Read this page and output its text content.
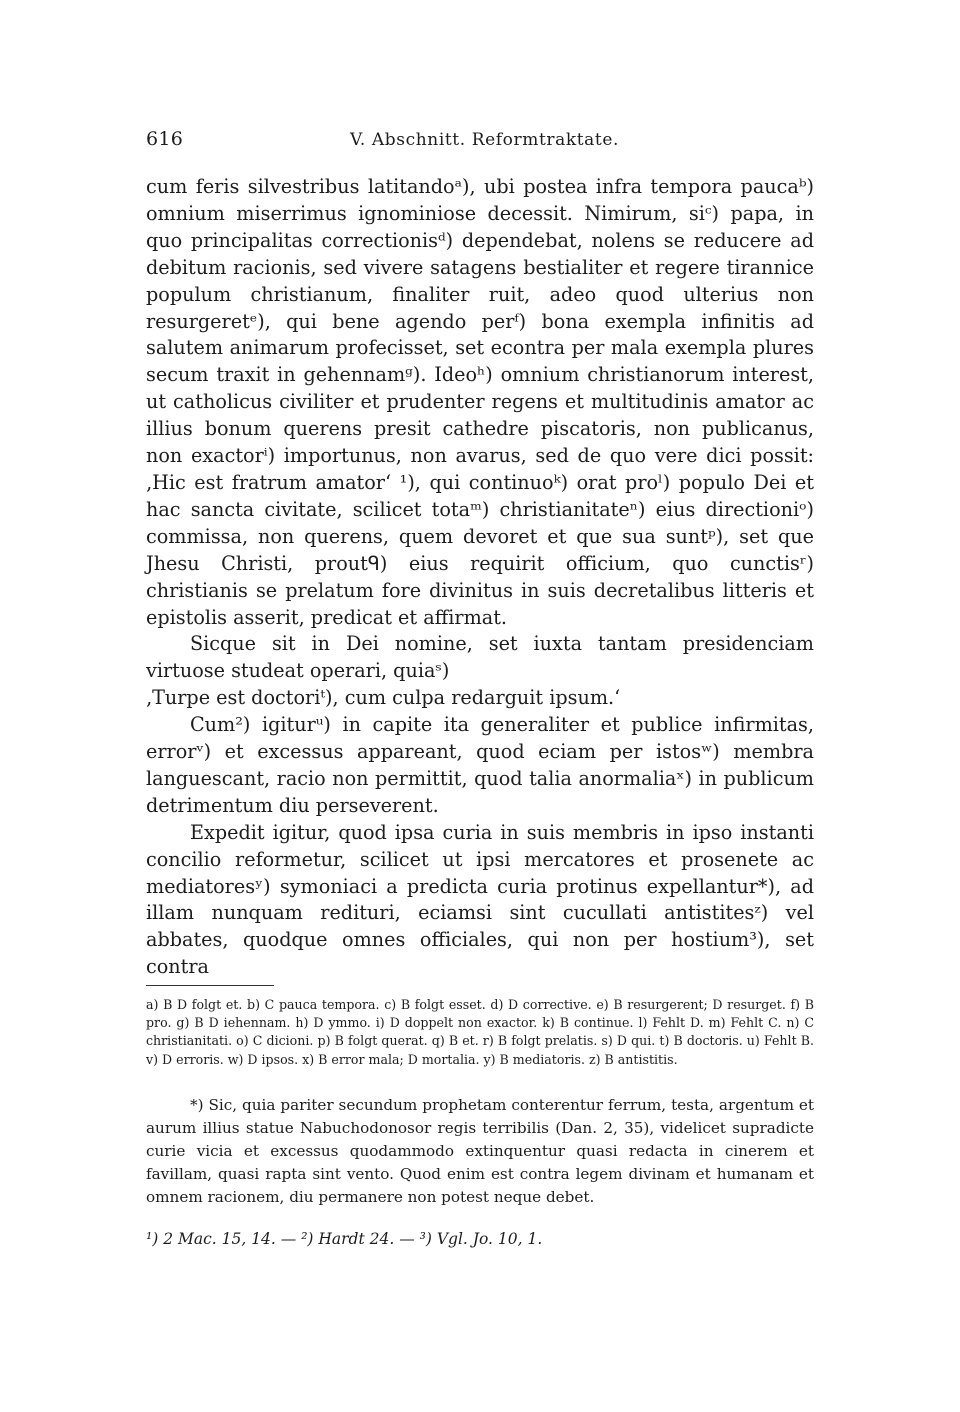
616	V. Abschnitt. Reformtraktate.

cum feris silvestribus latitandoᵃ), ubi postea infra tempora paucaᵇ) omnium miserrimus ignominiose decessit. Nimirum, siᶜ) papa, in quo principalitas correctionisᵈ) dependebat, nolens se reducere ad debitum racionis, sed vivere satagens bestialiter et regere tirannice populum christianum, finaliter ruit, adeo quod ulterius non resurgeretᵉ), qui bene agendo perᶠ) bona exempla infinitis ad salutem animarum profecisset, set econtra per mala exempla plures secum traxit in gehennamᵍ). Ideoʰ) omnium christianorum interest, ut catholicus civiliter et prudenter regens et multitudinis amator ac illius bonum querens presit cathedre piscatoris, non publicanus, non exactorⁱ) importunus, non avarus, sed de quo vere dici possit: ‚Hic est fratrum amator‘ ¹), qui continuoᵏ) orat proˡ) populo Dei et hac sancta civitate, scilicet totaᵐ) christianitateⁿ) eius directioniᵒ) commissa, non querens, quem devoret et que sua suntᵖ), set que Jhesu Christi, proutᑫ) eius requirit officium, quo cunctisʳ) christianis se prelatum fore divinitus in suis decretalibus litteris et epistolis asserit, predicat et affirmat.

Sicque sit in Dei nomine, set iuxta tantam presidenciam virtuose studeat operari, quiaˢ)

‚Turpe est doctoriᵗ), cum culpa redarguit ipsum.‘

Cum²) igiturᵘ) in capite ita generaliter et publice infirmitas, errorᵛ) et excessus appareant, quod eciam per istosʷ) membra languescant, racio non permittit, quod talia anormaliaˣ) in publicum detrimentum diu perseverent.

Expedit igitur, quod ipsa curia in suis membris in ipso instanti concilio reformetur, scilicet ut ipsi mercatores et prosenete ac mediatoresʸ) symoniaci a predicta curia protinus expellantur*), ad illam nunquam redituri, eciamsi sint cucullati antistitesᶻ) vel abbates, quodque omnes officiales, qui non per hostium³), set contra

a) B D folgt et. b) C pauca tempora. c) B folgt esset. d) D corrective. e) B resurgerent; D resurget. f) B pro. g) B D iehennam. h) D ymmo. i) D doppelt non exactor. k) B continue. l) Fehlt D. m) Fehlt C. n) C christianitati. o) C dicioni. p) B folgt querat. q) B et. r) B folgt prelatis. s) D qui. t) B doctoris. u) Fehlt B. v) D erroris. w) D ipsos. x) B error mala; D mortalia. y) B mediatoris. z) B antistitis.

*) Sic, quia pariter secundum prophetam conterentur ferrum, testa, argentum et aurum illius statue Nabuchodonosor regis terribilis (Dan. 2, 35), videlicet supradicte curie vicia et excessus quodammodo extinquentur quasi redacta in cinerem et favillam, quasi rapta sint vento. Quod enim est contra legem divinam et humanam et omnem racionem, diu permanere non potest neque debet.

¹) 2 Mac. 15, 14. — ²) Hardt 24. — ³) Vgl. Jo. 10, 1.
